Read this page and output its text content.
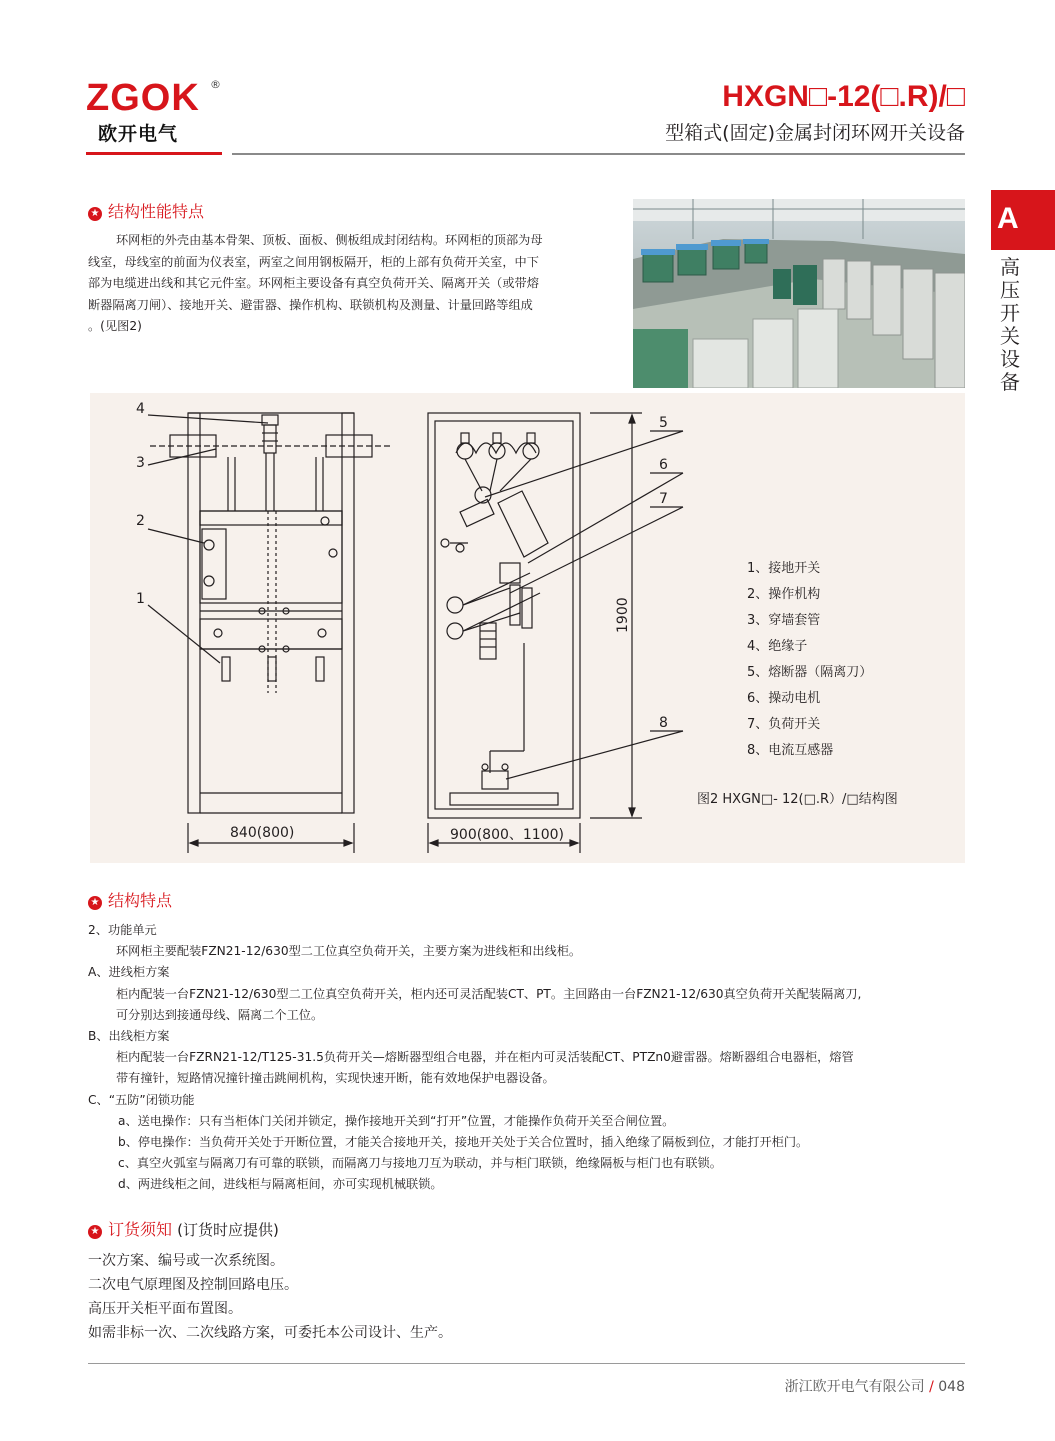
ZGOK ®
欧开电气
HXGN□-12(□.R)/□
型箱式(固定)金属封闭环网开关设备
A
高压开关设备
★ 结构性能特点
环网柜的外壳由基本骨架、顶板、面板、侧板组成封闭结构。环网柜的顶部为母
线室，母线室的前面为仪表室，两室之间用钢板隔开，柜的上部有负荷开关室，中下
部为电缆进出线和其它元件室。环网柜主要设备有真空负荷开关、隔离开关（或带熔
断器隔离刀闸）、接地开关、避雷器、操作机构、联锁机构及测量、计量回路等组成
。(见图2)
4
3
2
1
5
6
7
8
1900
840(800)	900(800、1100)
1、接地开关
2、操作机构
3、穿墙套管
4、绝缘子
5、熔断器（隔离刀）
6、操动电机
7、负荷开关
8、电流互感器
图2 HXGN□- 12(□.R）/□结构图
★ 结构特点
2、功能单元
环网柜主要配装FZN21-12/630型二工位真空负荷开关，主要方案为进线柜和出线柜。
A、进线柜方案
柜内配装一台FZN21-12/630型二工位真空负荷开关，柜内还可灵活配装CT、PT。主回路由一台FZN21-12/630真空负荷开关配装隔离刀,
可分别达到接通母线、隔离二个工位。
B、出线柜方案
柜内配装一台FZRN21-12/T125-31.5负荷开关—熔断器型组合电器，并在柜内可灵活装配CT、PTZn0避雷器。熔断器组合电器柜，熔管
带有撞针，短路情况撞针撞击跳闸机构，实现快速开断，能有效地保护电器设备。
C、“五防”闭锁功能
a、送电操作：只有当柜体门关闭并锁定，操作接地开关到“打开”位置，才能操作负荷开关至合闸位置。
b、停电操作：当负荷开关处于开断位置，才能关合接地开关，接地开关处于关合位置时，插入绝缘了隔板到位，才能打开柜门。
c、真空火弧室与隔离刀有可靠的联锁，而隔离刀与接地刀互为联动，并与柜门联锁，绝缘隔板与柜门也有联锁。
d、两进线柜之间，进线柜与隔离柜间，亦可实现机械联锁。
★ 订货须知 (订货时应提供)
一次方案、编号或一次系统图。
二次电气原理图及控制回路电压。
高压开关柜平面布置图。
如需非标一次、二次线路方案，可委托本公司设计、生产。
浙江欧开电气有限公司 / 048
